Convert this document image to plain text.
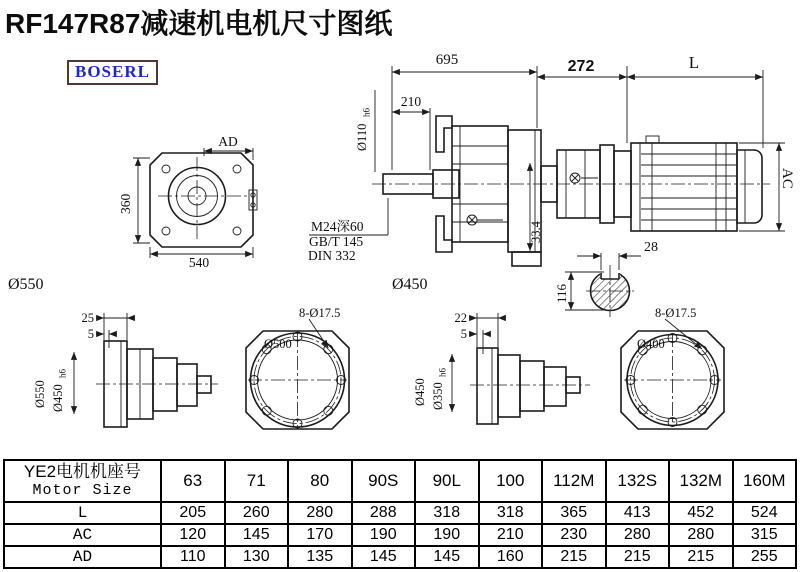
RF147R87减速机电机尺寸图纸
BOSERL
AD
360
540
Ø550
33.4
Ø110
h6
M24深60
GB/T 145
DIN 332
Ø450
695	272	L
210
AC
28
116
25
5
Ø550 Ø450
h6
8-Ø17.5
Ø500
22
5
Ø450 Ø350
h6
8-Ø17.5
Ø400
YE2电机机座号
Motor Size	63	71	80	90S	90L	100	112M	132S	132M	160M
L	205	260	280	288	318	318	365	413	452	524
AC	120	145	170	190	190	210	230	280	280	315
AD	110	130	135	145	145	160	215	215	215	255
